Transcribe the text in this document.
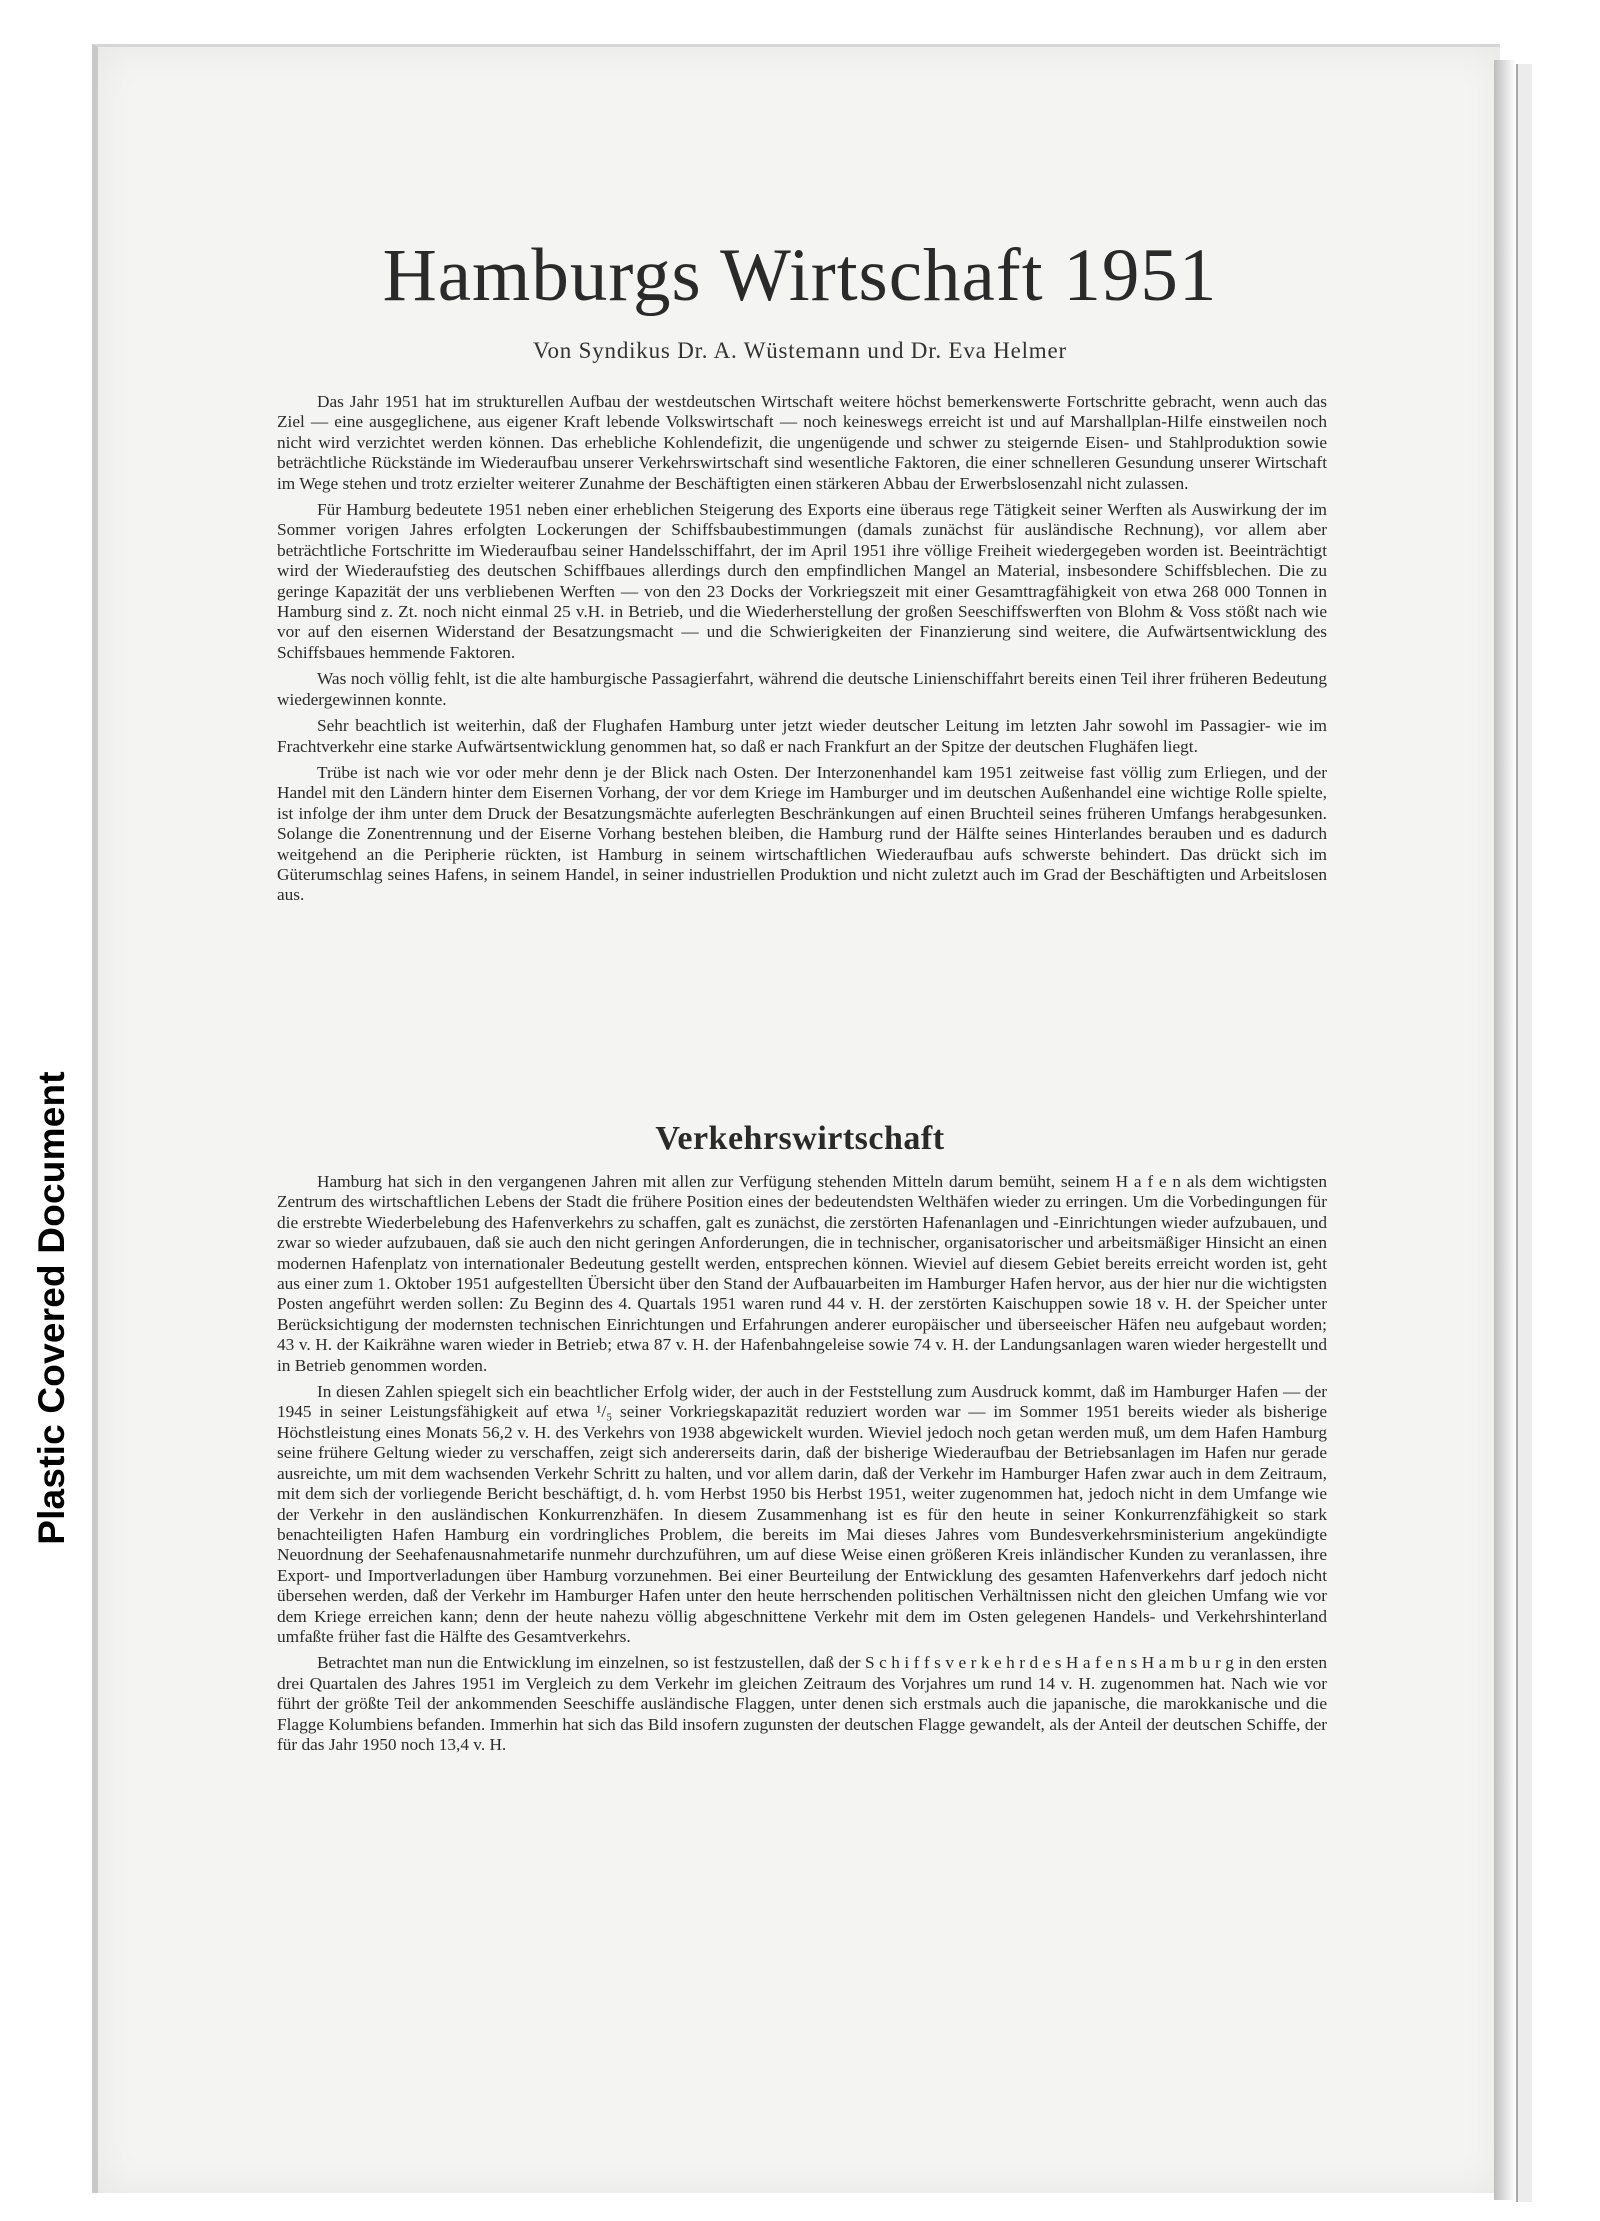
Plastic Covered Document
Hamburgs Wirtschaft 1951
Von Syndikus Dr. A. Wüstemann und Dr. Eva Helmer

Das Jahr 1951 hat im strukturellen Aufbau der westdeutschen Wirtschaft weitere höchst bemerkenswerte Fortschritte gebracht, wenn auch das Ziel — eine ausgeglichene, aus eigener Kraft lebende Volkswirtschaft — noch keineswegs erreicht ist und auf Marshallplan-Hilfe einstweilen noch nicht wird verzichtet werden können. Das erhebliche Kohlendefizit, die ungenügende und schwer zu steigernde Eisen- und Stahlproduktion sowie beträchtliche Rückstände im Wiederaufbau unserer Verkehrswirtschaft sind wesentliche Faktoren, die einer schnelleren Gesundung unserer Wirtschaft im Wege stehen und trotz erzielter weiterer Zunahme der Beschäftigten einen stärkeren Abbau der Erwerbslosenzahl nicht zulassen.

Für Hamburg bedeutete 1951 neben einer erheblichen Steigerung des Exports eine überaus rege Tätigkeit seiner Werften als Auswirkung der im Sommer vorigen Jahres erfolgten Lockerungen der Schiffsbaubestimmungen (damals zunächst für ausländische Rechnung), vor allem aber beträchtliche Fortschritte im Wiederaufbau seiner Handelsschiffahrt, der im April 1951 ihre völlige Freiheit wiedergegeben worden ist. Beeinträchtigt wird der Wiederaufstieg des deutschen Schiffbaues allerdings durch den empfindlichen Mangel an Material, insbesondere Schiffsblechen. Die zu geringe Kapazität der uns verbliebenen Werften — von den 23 Docks der Vorkriegszeit mit einer Gesamttragfähigkeit von etwa 268 000 Tonnen in Hamburg sind z. Zt. noch nicht einmal 25 v.H. in Betrieb, und die Wiederherstellung der großen Seeschiffswerften von Blohm & Voss stößt nach wie vor auf den eisernen Widerstand der Besatzungsmacht — und die Schwierigkeiten der Finanzierung sind weitere, die Aufwärtsentwicklung des Schiffsbaues hemmende Faktoren.

Was noch völlig fehlt, ist die alte hamburgische Passagierfahrt, während die deutsche Linienschiffahrt bereits einen Teil ihrer früheren Bedeutung wiedergewinnen konnte.

Sehr beachtlich ist weiterhin, daß der Flughafen Hamburg unter jetzt wieder deutscher Leitung im letzten Jahr sowohl im Passagier- wie im Frachtverkehr eine starke Aufwärtsentwicklung genommen hat, so daß er nach Frankfurt an der Spitze der deutschen Flughäfen liegt.

Trübe ist nach wie vor oder mehr denn je der Blick nach Osten. Der Interzonenhandel kam 1951 zeitweise fast völlig zum Erliegen, und der Handel mit den Ländern hinter dem Eisernen Vorhang, der vor dem Kriege im Hamburger und im deutschen Außenhandel eine wichtige Rolle spielte, ist infolge der ihm unter dem Druck der Besatzungsmächte auferlegten Beschränkungen auf einen Bruchteil seines früheren Umfangs herabgesunken. Solange die Zonentrennung und der Eiserne Vorhang bestehen bleiben, die Hamburg rund der Hälfte seines Hinterlandes berauben und es dadurch weitgehend an die Peripherie rückten, ist Hamburg in seinem wirtschaftlichen Wiederaufbau aufs schwerste behindert. Das drückt sich im Güterumschlag seines Hafens, in seinem Handel, in seiner industriellen Produktion und nicht zuletzt auch im Grad der Beschäftigten und Arbeitslosen aus.

Verkehrswirtschaft

Hamburg hat sich in den vergangenen Jahren mit allen zur Verfügung stehenden Mitteln darum bemüht, seinem H a f e n als dem wichtigsten Zentrum des wirtschaftlichen Lebens der Stadt die frühere Position eines der bedeutendsten Welthäfen wieder zu erringen. Um die Vorbedingungen für die erstrebte Wiederbelebung des Hafenverkehrs zu schaffen, galt es zunächst, die zerstörten Hafenanlagen und -Einrichtungen wieder aufzubauen, und zwar so wieder aufzubauen, daß sie auch den nicht geringen Anforderungen, die in technischer, organisatorischer und arbeitsmäßiger Hinsicht an einen modernen Hafenplatz von internationaler Bedeutung gestellt werden, entsprechen können. Wieviel auf diesem Gebiet bereits erreicht worden ist, geht aus einer zum 1. Oktober 1951 aufgestellten Übersicht über den Stand der Aufbauarbeiten im Hamburger Hafen hervor, aus der hier nur die wichtigsten Posten angeführt werden sollen: Zu Beginn des 4. Quartals 1951 waren rund 44 v. H. der zerstörten Kaischuppen sowie 18 v. H. der Speicher unter Berücksichtigung der modernsten technischen Einrichtungen und Erfahrungen anderer europäischer und überseeischer Häfen neu aufgebaut worden; 43 v. H. der Kaikrähne waren wieder in Betrieb; etwa 87 v. H. der Hafenbahngeleise sowie 74 v. H. der Landungsanlagen waren wieder hergestellt und in Betrieb genommen worden.

In diesen Zahlen spiegelt sich ein beachtlicher Erfolg wider, der auch in der Feststellung zum Ausdruck kommt, daß im Hamburger Hafen — der 1945 in seiner Leistungsfähigkeit auf etwa ¹/₅ seiner Vorkriegskapazität reduziert worden war — im Sommer 1951 bereits wieder als bisherige Höchstleistung eines Monats 56,2 v. H. des Verkehrs von 1938 abgewickelt wurden. Wieviel jedoch noch getan werden muß, um dem Hafen Hamburg seine frühere Geltung wieder zu verschaffen, zeigt sich andererseits darin, daß der bisherige Wiederaufbau der Betriebsanlagen im Hafen nur gerade ausreichte, um mit dem wachsenden Verkehr Schritt zu halten, und vor allem darin, daß der Verkehr im Hamburger Hafen zwar auch in dem Zeitraum, mit dem sich der vorliegende Bericht beschäftigt, d. h. vom Herbst 1950 bis Herbst 1951, weiter zugenommen hat, jedoch nicht in dem Umfange wie der Verkehr in den ausländischen Konkurrenzhäfen. In diesem Zusammenhang ist es für den heute in seiner Konkurrenzfähigkeit so stark benachteiligten Hafen Hamburg ein vordringliches Problem, die bereits im Mai dieses Jahres vom Bundesverkehrsministerium angekündigte Neuordnung der Seehafenausnahmetarife nunmehr durchzuführen, um auf diese Weise einen größeren Kreis inländischer Kunden zu veranlassen, ihre Export- und Importverladungen über Hamburg vorzunehmen. Bei einer Beurteilung der Entwicklung des gesamten Hafenverkehrs darf jedoch nicht übersehen werden, daß der Verkehr im Hamburger Hafen unter den heute herrschenden politischen Verhältnissen nicht den gleichen Umfang wie vor dem Kriege erreichen kann; denn der heute nahezu völlig abgeschnittene Verkehr mit dem im Osten gelegenen Handels- und Verkehrshinterland umfaßte früher fast die Hälfte des Gesamtverkehrs.

Betrachtet man nun die Entwicklung im einzelnen, so ist festzustellen, daß der S c h i f f s v e r k e h r d e s H a f e n s H a m b u r g in den ersten drei Quartalen des Jahres 1951 im Vergleich zu dem Verkehr im gleichen Zeitraum des Vorjahres um rund 14 v. H. zugenommen hat. Nach wie vor führt der größte Teil der ankommenden Seeschiffe ausländische Flaggen, unter denen sich erstmals auch die japanische, die marokkanische und die Flagge Kolumbiens befanden. Immerhin hat sich das Bild insofern zugunsten der deutschen Flagge gewandelt, als der Anteil der deutschen Schiffe, der für das Jahr 1950 noch 13,4 v. H.
